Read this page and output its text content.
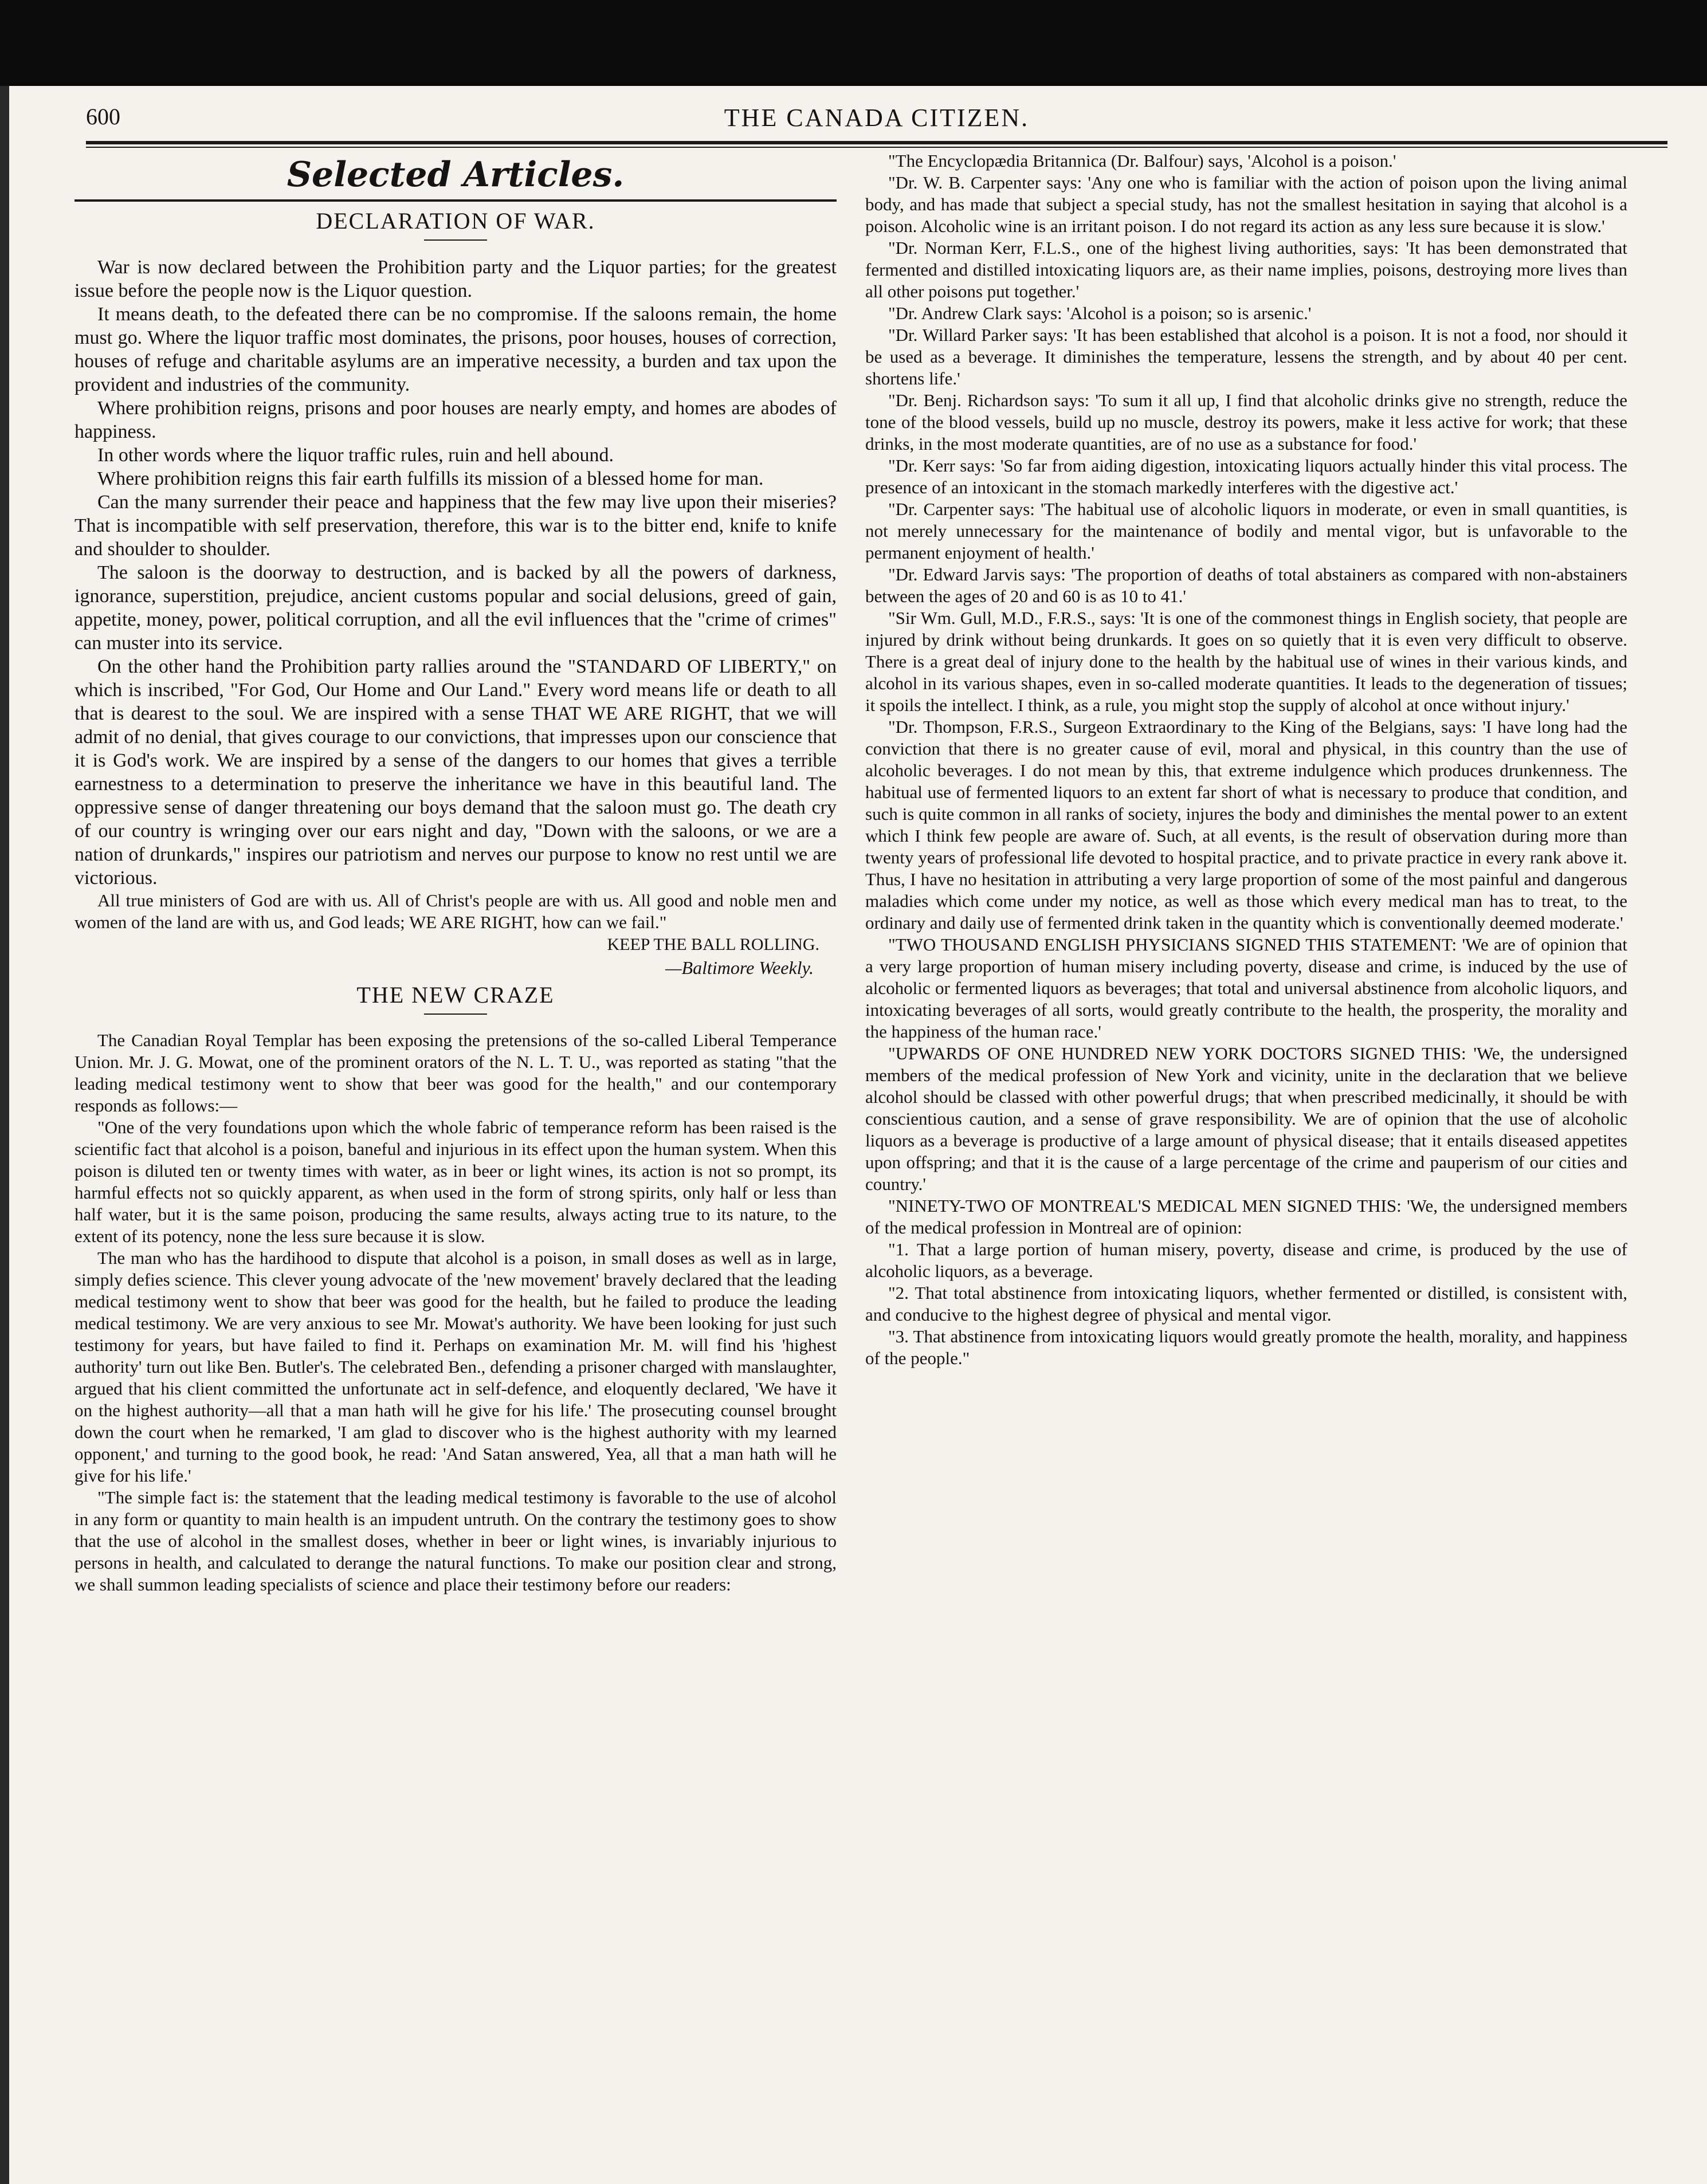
600	THE CANADA CITIZEN.
Selected Articles.
DECLARATION OF WAR.

War is now declared between the Prohibition party and the Liquor parties; for the greatest issue before the people now is the Liquor question.

It means death, to the defeated there can be no compromise. If the saloons remain, the home must go. Where the liquor traffic most dominates, the prisons, poor houses, houses of correction, houses of refuge and charitable asylums are an imperative necessity, a burden and tax upon the provident and industries of the community.

Where prohibition reigns, prisons and poor houses are nearly empty, and homes are abodes of happiness.

In other words where the liquor traffic rules, ruin and hell abound.

Where prohibition reigns this fair earth fulfills its mission of a blessed home for man.

Can the many surrender their peace and happiness that the few may live upon their miseries? That is incompatible with self preservation, therefore, this war is to the bitter end, knife to knife and shoulder to shoulder.

The saloon is the doorway to destruction, and is backed by all the powers of darkness, ignorance, superstition, prejudice, ancient customs popular and social delusions, greed of gain, appetite, money, power, political corruption, and all the evil influences that the "crime of crimes" can muster into its service.

On the other hand the Prohibition party rallies around the "STANDARD OF LIBERTY," on which is inscribed, "For God, Our Home and Our Land." Every word means life or death to all that is dearest to the soul. We are inspired with a sense THAT WE ARE RIGHT, that we will admit of no denial, that gives courage to our convictions, that impresses upon our conscience that it is God's work. We are inspired by a sense of the dangers to our homes that gives a terrible earnestness to a determination to preserve the inheritance we have in this beautiful land. The oppressive sense of danger threatening our boys demand that the saloon must go. The death cry of our country is wringing over our ears night and day, "Down with the saloons, or we are a nation of drunkards," inspires our patriotism and nerves our purpose to know no rest until we are victorious.

All true ministers of God are with us. All of Christ's people are with us. All good and noble men and women of the land are with us, and God leads; WE ARE RIGHT, how can we fail."

KEEP THE BALL ROLLING.
—Baltimore Weekly.
THE NEW CRAZE

The Canadian Royal Templar has been exposing the pretensions of the so-called Liberal Temperance Union. Mr. J. G. Mowat, one of the prominent orators of the N. L. T. U., was reported as stating "that the leading medical testimony went to show that beer was good for the health," and our contemporary responds as follows:—

"One of the very foundations upon which the whole fabric of temperance reform has been raised is the scientific fact that alcohol is a poison, baneful and injurious in its effect upon the human system. When this poison is diluted ten or twenty times with water, as in beer or light wines, its action is not so prompt, its harmful effects not so quickly apparent, as when used in the form of strong spirits, only half or less than half water, but it is the same poison, producing the same results, always acting true to its nature, to the extent of its potency, none the less sure because it is slow.

The man who has the hardihood to dispute that alcohol is a poison, in small doses as well as in large, simply defies science. This clever young advocate of the 'new movement' bravely declared that the leading medical testimony went to show that beer was good for the health, but he failed to produce the leading medical testimony. We are very anxious to see Mr. Mowat's authority. We have been looking for just such testimony for years, but have failed to find it. Perhaps on examination Mr. M. will find his 'highest authority' turn out like Ben. Butler's. The celebrated Ben., defending a prisoner charged with manslaughter, argued that his client committed the unfortunate act in self-defence, and eloquently declared, 'We have it on the highest authority—all that a man hath will he give for his life.' The prosecuting counsel brought down the court when he remarked, 'I am glad to discover who is the highest authority with my learned opponent,' and turning to the good book, he read: 'And Satan answered, Yea, all that a man hath will he give for his life.'

"The simple fact is: the statement that the leading medical testimony is favorable to the use of alcohol in any form or quantity to main health is an impudent untruth. On the contrary the testimony goes to show that the use of alcohol in the smallest doses, whether in beer or light wines, is invariably injurious to persons in health, and calculated to derange the natural functions. To make our position clear and strong, we shall summon leading specialists of science and place their testimony before our readers:

"The Encyclopædia Britannica (Dr. Balfour) says, 'Alcohol is a poison.'

"Dr. W. B. Carpenter says: 'Any one who is familiar with the action of poison upon the living animal body, and has made that subject a special study, has not the smallest hesitation in saying that alcohol is a poison. Alcoholic wine is an irritant poison. I do not regard its action as any less sure because it is slow.'

"Dr. Norman Kerr, F.L.S., one of the highest living authorities, says: 'It has been demonstrated that fermented and distilled intoxicating liquors are, as their name implies, poisons, destroying more lives than all other poisons put together.'

"Dr. Andrew Clark says: 'Alcohol is a poison; so is arsenic.'

"Dr. Willard Parker says: 'It has been established that alcohol is a poison. It is not a food, nor should it be used as a beverage. It diminishes the temperature, lessens the strength, and by about 40 per cent. shortens life.'

"Dr. Benj. Richardson says: 'To sum it all up, I find that alcoholic drinks give no strength, reduce the tone of the blood vessels, build up no muscle, destroy its powers, make it less active for work; that these drinks, in the most moderate quantities, are of no use as a substance for food.'

"Dr. Kerr says: 'So far from aiding digestion, intoxicating liquors actually hinder this vital process. The presence of an intoxicant in the stomach markedly interferes with the digestive act.'

"Dr. Carpenter says: 'The habitual use of alcoholic liquors in moderate, or even in small quantities, is not merely unnecessary for the maintenance of bodily and mental vigor, but is unfavorable to the permanent enjoyment of health.'

"Dr. Edward Jarvis says: 'The proportion of deaths of total abstainers as compared with non-abstainers between the ages of 20 and 60 is as 10 to 41.'

"Sir Wm. Gull, M.D., F.R.S., says: 'It is one of the commonest things in English society, that people are injured by drink without being drunkards. It goes on so quietly that it is even very difficult to observe. There is a great deal of injury done to the health by the habitual use of wines in their various kinds, and alcohol in its various shapes, even in so-called moderate quantities. It leads to the degeneration of tissues; it spoils the intellect. I think, as a rule, you might stop the supply of alcohol at once without injury.'

"Dr. Thompson, F.R.S., Surgeon Extraordinary to the King of the Belgians, says: 'I have long had the conviction that there is no greater cause of evil, moral and physical, in this country than the use of alcoholic beverages. I do not mean by this, that extreme indulgence which produces drunkenness. The habitual use of fermented liquors to an extent far short of what is necessary to produce that condition, and such is quite common in all ranks of society, injures the body and diminishes the mental power to an extent which I think few people are aware of. Such, at all events, is the result of observation during more than twenty years of professional life devoted to hospital practice, and to private practice in every rank above it. Thus, I have no hesitation in attributing a very large proportion of some of the most painful and dangerous maladies which come under my notice, as well as those which every medical man has to treat, to the ordinary and daily use of fermented drink taken in the quantity which is conventionally deemed moderate.'

"TWO THOUSAND ENGLISH PHYSICIANS SIGNED THIS STATEMENT: 'We are of opinion that a very large proportion of human misery including poverty, disease and crime, is induced by the use of alcoholic or fermented liquors as beverages; that total and universal abstinence from alcoholic liquors, and intoxicating beverages of all sorts, would greatly contribute to the health, the prosperity, the morality and the happiness of the human race.'

"UPWARDS OF ONE HUNDRED NEW YORK DOCTORS SIGNED THIS: 'We, the undersigned members of the medical profession of New York and vicinity, unite in the declaration that we believe alcohol should be classed with other powerful drugs; that when prescribed medicinally, it should be with conscientious caution, and a sense of grave responsibility. We are of opinion that the use of alcoholic liquors as a beverage is productive of a large amount of physical disease; that it entails diseased appetites upon offspring; and that it is the cause of a large percentage of the crime and pauperism of our cities and country.'

"NINETY-TWO OF MONTREAL'S MEDICAL MEN SIGNED THIS: 'We, the undersigned members of the medical profession in Montreal are of opinion:

"1. That a large portion of human misery, poverty, disease and crime, is produced by the use of alcoholic liquors, as a beverage.

"2. That total abstinence from intoxicating liquors, whether fermented or distilled, is consistent with, and conducive to the highest degree of physical and mental vigor.

"3. That abstinence from intoxicating liquors would greatly promote the health, morality, and happiness of the people."
